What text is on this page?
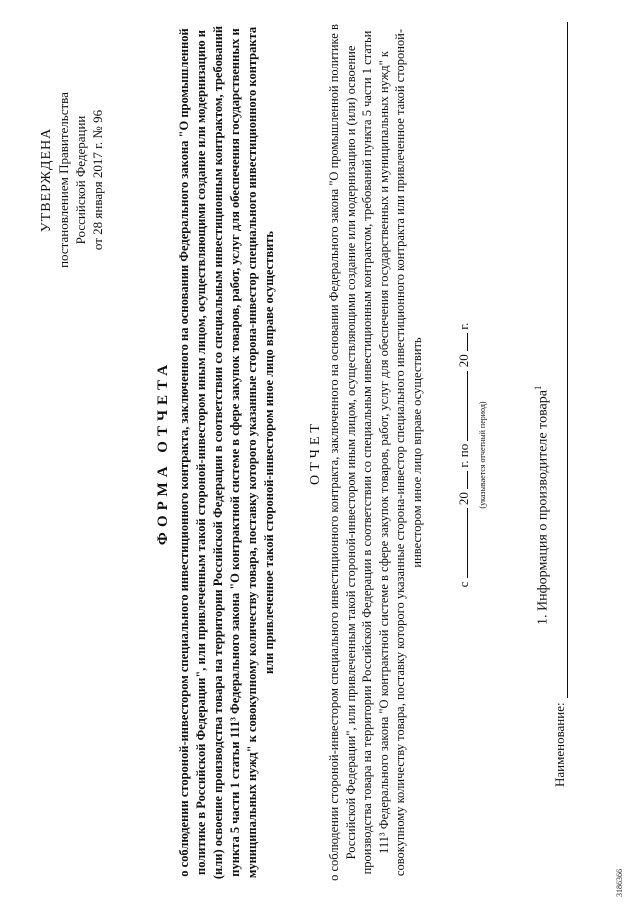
УТВЕРЖДЕНА постановлением Правительства Российской Федерации от 28 января 2017 г. № 96
ФОРМА ОТЧЕТА о соблюдении стороной-инвестором специального инвестиционного контракта, заключенного на основании Федерального закона "О промышленной политике в Российской Федерации", или привлеченным такой стороной-инвестором иным лицом, осуществляющими создание или модернизацию и (или) освоение производства товара на территории Российской Федерации в соответствии со специальным инвестиционным контрактом, требований пункта 5 части 1 статьи 111³ Федерального закона "О контрактной системе в сфере закупок товаров, работ, услуг для обеспечения государственных и муниципальных нужд" к совокупному количеству товара, поставку которого указанные сторона-инвестор специального инвестиционного контракта или привлеченное такой стороной-инвестором иное лицо вправе осуществить ОТЧЕТ о соблюдении стороной-инвестором специального инвестиционного контракта, заключенного на основании Федерального закона "О промышленной политике в Российской Федерации", или привлеченным такой стороной-инвестором иным лицом, осуществляющими создание или модернизацию и (или) освоение производства товара на территории Российской Федерации в соответствии со специальным инвестиционным контрактом, требований пункта 5 части 1 статьи 111³ Федерального закона "О контрактной системе в сфере закупок товаров, работ, услуг для обеспечения государственных и муниципальных нужд" к совокупному количеству товара, поставку которого указанные сторона-инвестор специального инвестиционного контракта или привлеченное такой стороной-инвестором иное лицо вправе осуществить
с  20  г. по  20  г.
(указывается отчетный период)	1. Информация о производителе товара$^1$
Наименование:
3186366
